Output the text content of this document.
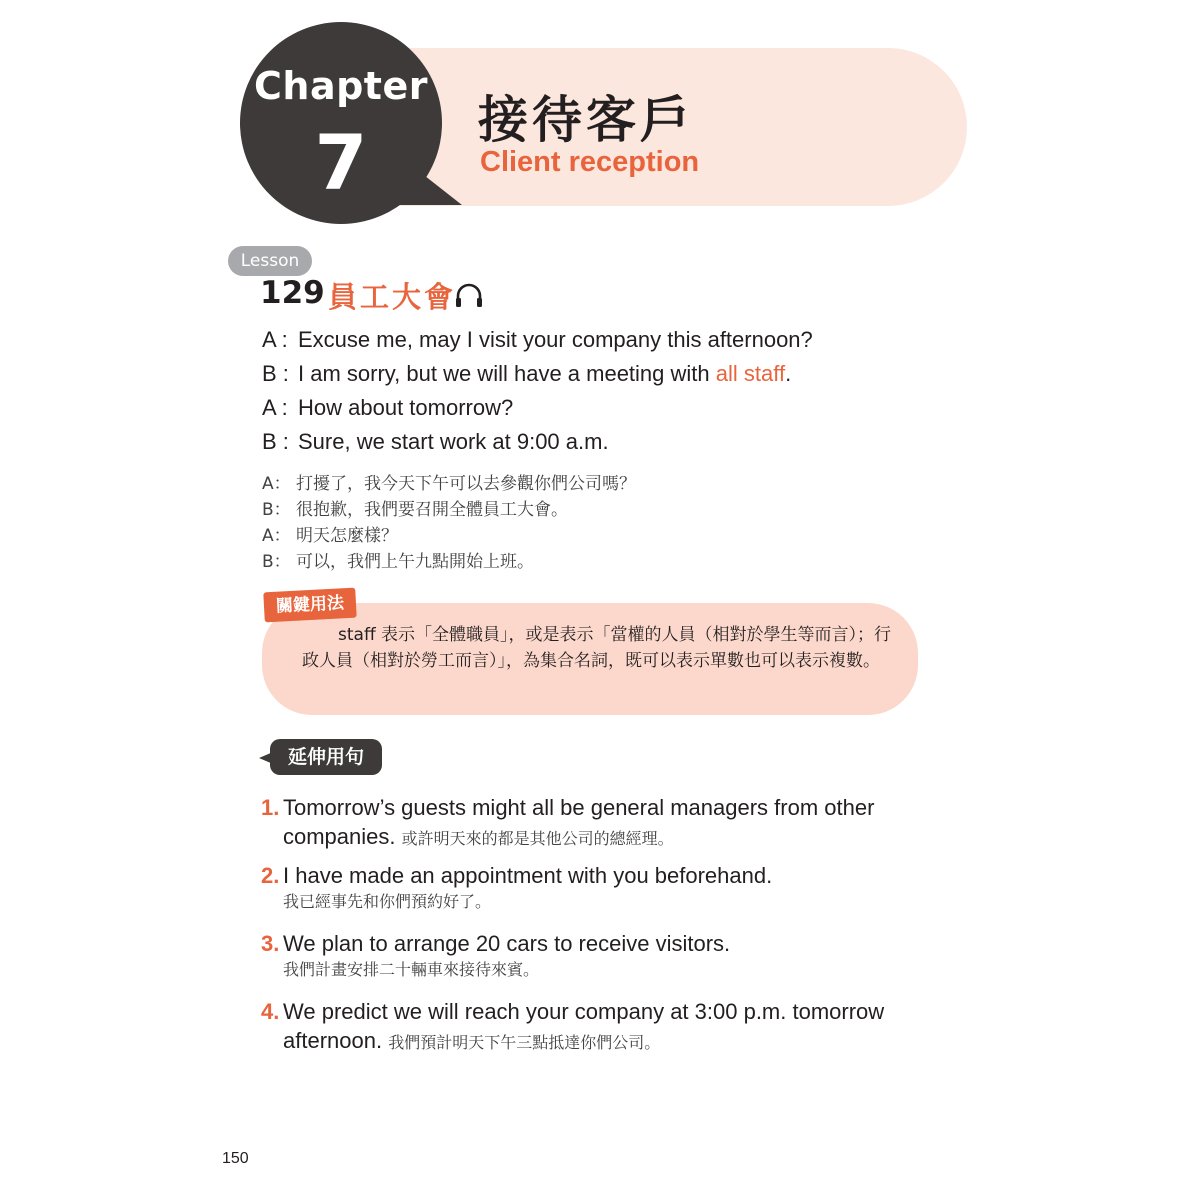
Chapter
7	接待客戶
Client reception
Lesson
129 員工大會
A : Excuse me, may I visit your company this afternoon?
B : I am sorry, but we will have a meeting with all staff.
A : How about tomorrow?
B : Sure, we start work at 9:00 a.m.
A： 打擾了，我今天下午可以去參觀你們公司嗎？
B： 很抱歉，我們要召開全體員工大會。
A： 明天怎麼樣？
B： 可以，我們上午九點開始上班。
關鍵用法
staff 表示「全體職員」，或是表示「當權的人員（相對於學生等而言）；行政人員（相對於勞工而言）」，為集合名詞，既可以表示單數也可以表示複數。
延伸用句
1. Tomorrow’s guests might all be general managers from other
companies. 或許明天來的都是其他公司的總經理。
2. I have made an appointment with you beforehand.
我已經事先和你們預約好了。
3. We plan to arrange 20 cars to receive visitors.
我們計畫安排二十輛車來接待來賓。
4. We predict we will reach your company at 3:00 p.m. tomorrow
afternoon. 我們預計明天下午三點抵達你們公司。
150
